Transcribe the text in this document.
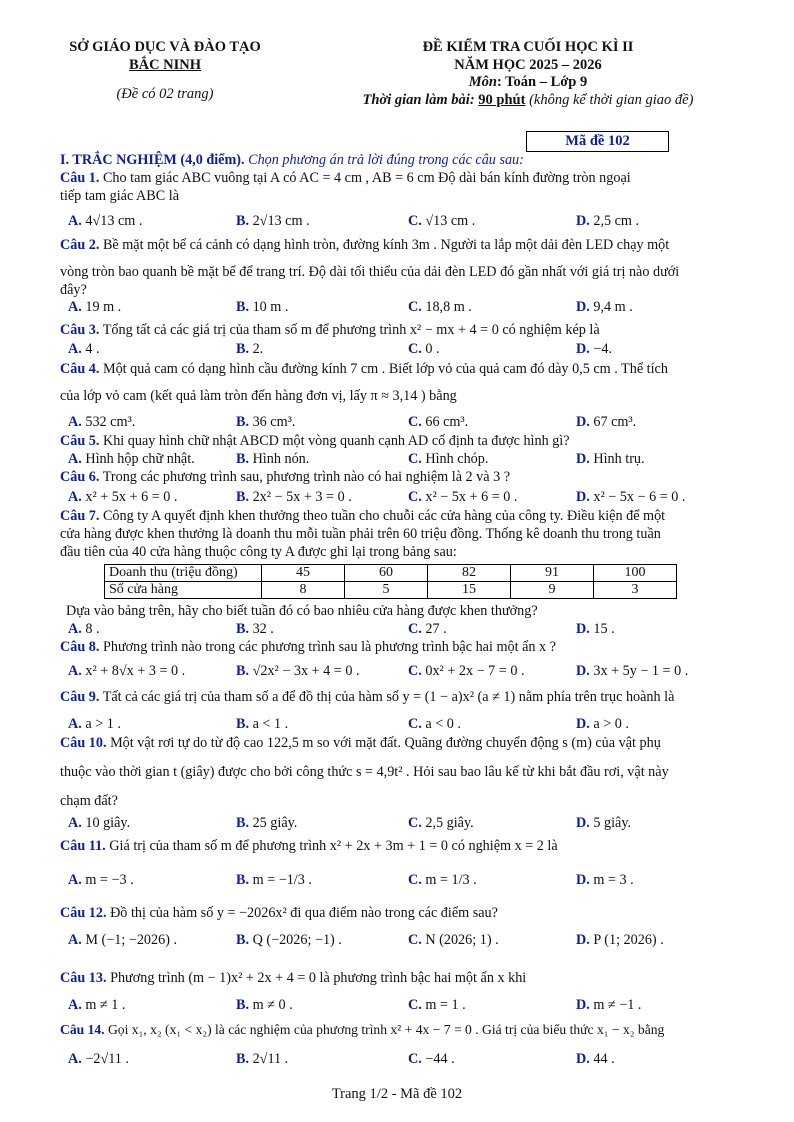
SỞ GIÁO DỤC VÀ ĐÀO TẠO
BẮC NINH
(Đề có 02 trang)
ĐỀ KIỂM TRA CUỐI HỌC KÌ II
NĂM HỌC 2025 – 2026
Môn: Toán – Lớp 9
Thời gian làm bài: 90 phút (không kể thời gian giao đề)
Mã đề 102
I. TRẮC NGHIỆM (4,0 điểm). Chọn phương án trả lời đúng trong các câu sau:
Câu 1. Cho tam giác ABC vuông tại A có AC = 4 cm , AB = 6 cm Độ dài bán kính đường tròn ngoại
tiếp tam giác ABC là
A. 4√13 cm .	B. 2√13 cm .	C. √13 cm .	D. 2,5 cm .
Câu 2. Bề mặt một bể cá cảnh có dạng hình tròn, đường kính 3m . Người ta lắp một dải đèn LED chạy một
vòng tròn bao quanh bề mặt bể để trang trí. Độ dài tối thiểu của dải đèn LED đó gần nhất với giá trị nào dưới
đây?
A. 19 m .	B. 10 m .	C. 18,8 m .	D. 9,4 m .
Câu 3. Tổng tất cả các giá trị của tham số m để phương trình x² − mx + 4 = 0 có nghiệm kép là
A. 4 .	B. 2.	C. 0 .	D. −4.
Câu 4. Một quả cam có dạng hình cầu đường kính 7 cm . Biết lớp vỏ của quả cam đó dày 0,5 cm . Thể tích
của lớp vỏ cam (kết quả làm tròn đến hàng đơn vị, lấy π ≈ 3,14 ) bằng
A. 532 cm³.	B. 36 cm³.	C. 66 cm³.	D. 67 cm³.
Câu 5. Khi quay hình chữ nhật ABCD một vòng quanh cạnh AD cố định ta được hình gì?
A. Hình hộp chữ nhật.	B. Hình nón.	C. Hình chóp.	D. Hình trụ.
Câu 6. Trong các phương trình sau, phương trình nào có hai nghiệm là 2 và 3 ?
A. x² + 5x + 6 = 0 .	B. 2x² − 5x + 3 = 0 .	C. x² − 5x + 6 = 0 .	D. x² − 5x − 6 = 0 .
Câu 7. Công ty A quyết định khen thưởng theo tuần cho chuỗi các cửa hàng của công ty. Điều kiện để một
cửa hàng được khen thưởng là doanh thu mỗi tuần phải trên 60 triệu đồng. Thống kê doanh thu trong tuần
đầu tiên của 40 cửa hàng thuộc công ty A được ghi lại trong bảng sau:
Doanh thu (triệu đồng)	45	60	82	91	100
Số cửa hàng	8	5	15	9	3
Dựa vào bảng trên, hãy cho biết tuần đó có bao nhiêu cửa hàng được khen thưởng?
A. 8 .	B. 32 .	C. 27 .	D. 15 .
Câu 8. Phương trình nào trong các phương trình sau là phương trình bậc hai một ẩn x ?
A. x² + 8√x + 3 = 0 .	B. √2x² − 3x + 4 = 0 .	C. 0x² + 2x − 7 = 0 .	D. 3x + 5y − 1 = 0 .
Câu 9. Tất cả các giá trị của tham số a để đồ thị của hàm số y = (1 − a)x² (a ≠ 1) nằm phía trên trục hoành là
A. a > 1 .	B. a < 1 .	C. a < 0 .	D. a > 0 .
Câu 10. Một vật rơi tự do từ độ cao 122,5 m so với mặt đất. Quãng đường chuyển động s (m) của vật phụ
thuộc vào thời gian t (giây) được cho bởi công thức s = 4,9t² . Hỏi sau bao lâu kể từ khi bắt đầu rơi, vật này
chạm đất?
A. 10 giây.	B. 25 giây.	C. 2,5 giây.	D. 5 giây.
Câu 11. Giá trị của tham số m để phương trình x² + 2x + 3m + 1 = 0 có nghiệm x = 2 là
A. m = −3 .	B. m = −1/3 .	C. m = 1/3 .	D. m = 3 .
Câu 12. Đồ thị của hàm số y = −2026x² đi qua điểm nào trong các điểm sau?
A. M (−1; −2026) .	B. Q (−2026; −1) .	C. N (2026; 1) .	D. P (1; 2026) .
Câu 13. Phương trình (m − 1)x² + 2x + 4 = 0 là phương trình bậc hai một ẩn x khi
A. m ≠ 1 .	B. m ≠ 0 .	C. m = 1 .	D. m ≠ −1 .
Câu 14. Gọi x₁, x₂ (x₁ < x₂) là các nghiệm của phương trình x² + 4x − 7 = 0 . Giá trị của biểu thức x₁ − x₂ bằng
A. −2√11 .	B. 2√11 .	C. −44 .	D. 44 .
Trang 1/2 - Mã đề 102
